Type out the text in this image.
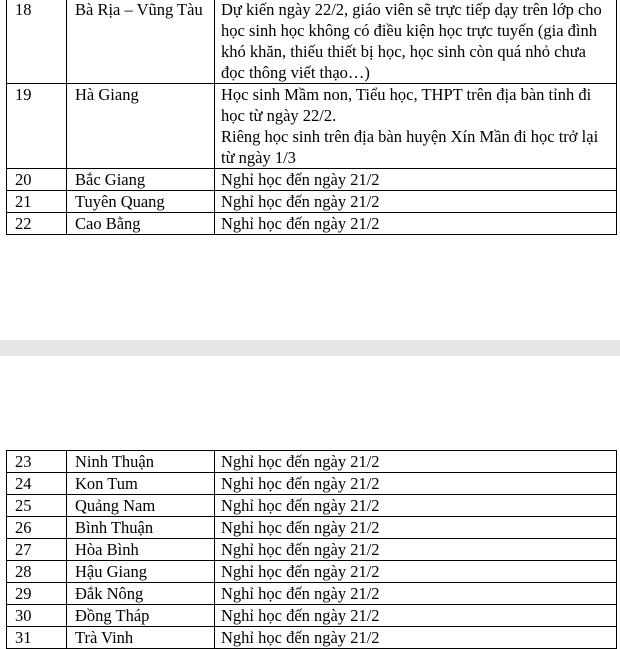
18	Bà Rịa – Vũng Tàu	Dự kiến ngày 22/2, giáo viên sẽ trực tiếp dạy trên lớp cho học sinh học không có điều kiện học trực tuyến (gia đình khó khăn, thiếu thiết bị học, học sinh còn quá nhỏ chưa đọc thông viết thạo…)
19	Hà Giang	Học sinh Mầm non, Tiểu học, THPT trên địa bàn tỉnh đi học từ ngày 22/2.
Riêng học sinh trên địa bàn huyện Xín Mần đi học trở lại từ ngày 1/3

20	Bắc Giang	Nghỉ học đến ngày 21/2
21	Tuyên Quang	Nghỉ học đến ngày 21/2
22	Cao Bằng	Nghỉ học đến ngày 21/2
23	Ninh Thuận	Nghỉ học đến ngày 21/2
24	Kon Tum	Nghỉ học đến ngày 21/2
25	Quảng Nam	Nghỉ học đến ngày 21/2
26	Bình Thuận	Nghỉ học đến ngày 21/2
27	Hòa Bình	Nghỉ học đến ngày 21/2
28	Hậu Giang	Nghỉ học đến ngày 21/2
29	Đắk Nông	Nghỉ học đến ngày 21/2
30	Đồng Tháp	Nghỉ học đến ngày 21/2
31	Trà Vinh	Nghỉ học đến ngày 21/2
